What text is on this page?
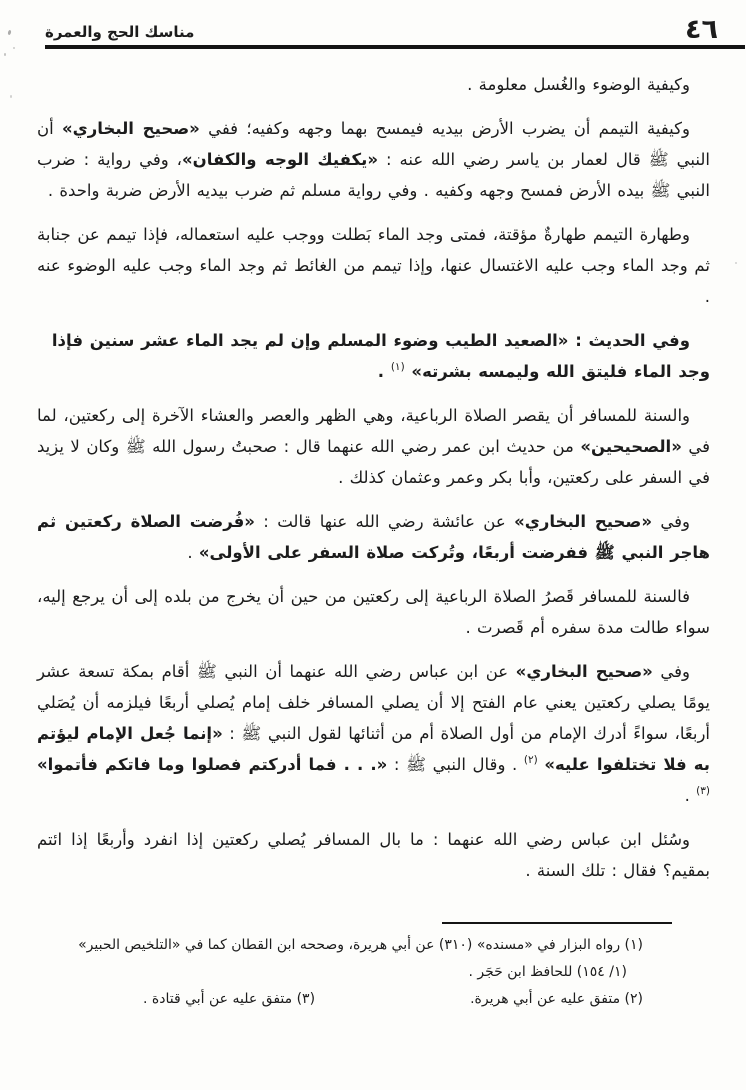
٤٦
مناسك الحج والعمرة

وكيفية الوضوء والغُسل معلومة .

وكيفية التيمم أن يضرب الأرض بيديه فيمسح بهما وجهه وكفيه؛ ففي «صحيح البخاري» أن النبي ﷺ قال لعمار بن ياسر رضي الله عنه : «يكفيك الوجه والكفان»، وفي رواية : ضرب النبي ﷺ بيده الأرض فمسح وجهه وكفيه . وفي رواية مسلم ثم ضرب بيديه الأرض ضربة واحدة .

وطهارة التيمم طهارةٌ مؤقتة، فمتى وجد الماء بَطلت ووجب عليه استعماله، فإذا تيمم عن جنابة ثم وجد الماء وجب عليه الاغتسال عنها، وإذا تيمم من الغائط ثم وجد الماء وجب عليه الوضوء عنه .

وفي الحديث : «الصعيد الطيب وضوء المسلم وإن لم يجد الماء عشر سنين فإذا وجد الماء فليتق الله وليمسه بشرته» $^{(١)}$ .

والسنة للمسافر أن يقصر الصلاة الرباعية، وهي الظهر والعصر والعشاء الآخرة إلى ركعتين، لما في «الصحيحين» من حديث ابن عمر رضي الله عنهما قال : صحبتُ رسول الله ﷺ وكان لا يزيد في السفر على ركعتين، وأبا بكر وعمر وعثمان كذلك .

وفي «صحيح البخاري» عن عائشة رضي الله عنها قالت : «فُرضت الصلاة ركعتين ثم هاجر النبي ﷺ ففرضت أربعًا، وتُركت صلاة السفر على الأولى» .

فالسنة للمسافر قَصرُ الصلاة الرباعية إلى ركعتين من حين أن يخرج من بلده إلى أن يرجع إليه، سواء طالت مدة سفره أم قَصرت .

وفي «صحيح البخاري» عن ابن عباس رضي الله عنهما أن النبي ﷺ أقام بمكة تسعة عشر يومًا يصلي ركعتين يعني عام الفتح إلا أن يصلي المسافر خلف إمام يُصلي أربعًا فيلزمه أن يُصَلي أربعًا، سواءً أدرك الإمام من أول الصلاة أم من أثنائها لقول النبي ﷺ : «إنما جُعل الإمام ليؤتم به فلا تختلفوا عليه» $^{(٢)}$ . وقال النبي ﷺ : «. . . فما أدركتم فصلوا وما فاتكم فأتموا» $^{(٣)}$ .

وسُئل ابن عباس رضي الله عنهما : ما بال المسافر يُصلي ركعتين إذا انفرد وأربعًا إذا ائتم بمقيم؟ فقال : تلك السنة .

(١) رواه البزار في «مسنده» (٣١٠) عن أبي هريرة، وصححه ابن القطان كما في «التلخيص الحبير»
(١/ ١٥٤) للحافظ ابن حَجَر .
(٢) متفق عليه عن أبي هريرة.
(٣) متفق عليه عن أبي قتادة .
